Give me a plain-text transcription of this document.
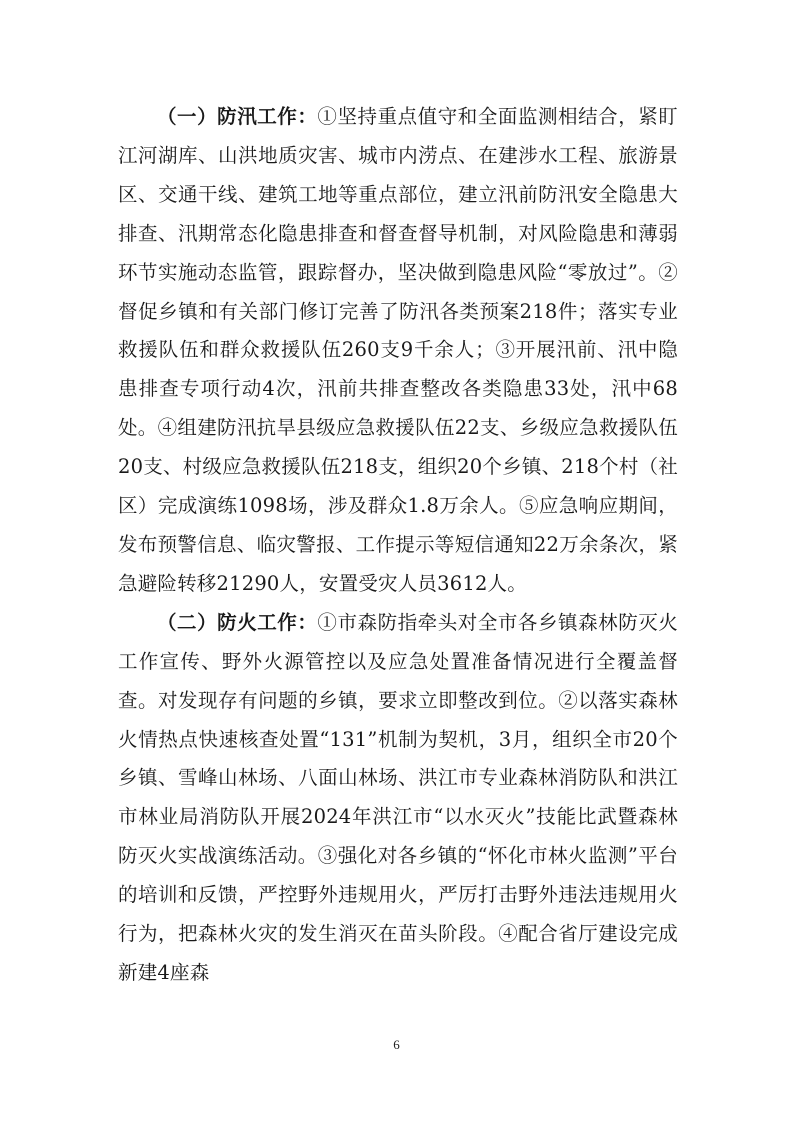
（一）防汛工作：①坚持重点值守和全面监测相结合，紧盯江河湖库、山洪地质灾害、城市内涝点、在建涉水工程、旅游景区、交通干线、建筑工地等重点部位，建立汛前防汛安全隐患大排查、汛期常态化隐患排查和督查督导机制，对风险隐患和薄弱环节实施动态监管，跟踪督办，坚决做到隐患风险“零放过”。②督促乡镇和有关部门修订完善了防汛各类预案218件；落实专业救援队伍和群众救援队伍260支9千余人；③开展汛前、汛中隐患排查专项行动4次，汛前共排查整改各类隐患33处，汛中68处。④组建防汛抗旱县级应急救援队伍22支、乡级应急救援队伍20支、村级应急救援队伍218支，组织20个乡镇、218个村（社区）完成演练1098场，涉及群众1.8万余人。⑤应急响应期间，发布预警信息、临灾警报、工作提示等短信通知22万余条次，紧急避险转移21290人，安置受灾人员3612人。

（二）防火工作：①市森防指牵头对全市各乡镇森林防灭火工作宣传、野外火源管控以及应急处置准备情况进行全覆盖督查。对发现存有问题的乡镇，要求立即整改到位。②以落实森林火情热点快速核查处置“131”机制为契机，3月，组织全市20个乡镇、雪峰山林场、八面山林场、洪江市专业森林消防队和洪江市林业局消防队开展2024年洪江市“以水灭火”技能比武暨森林防灭火实战演练活动。③强化对各乡镇的“怀化市林火监测”平台的培训和反馈，严控野外违规用火，严厉打击野外违法违规用火行为，把森林火灾的发生消灭在苗头阶段。④配合省厅建设完成新建4座森

6
